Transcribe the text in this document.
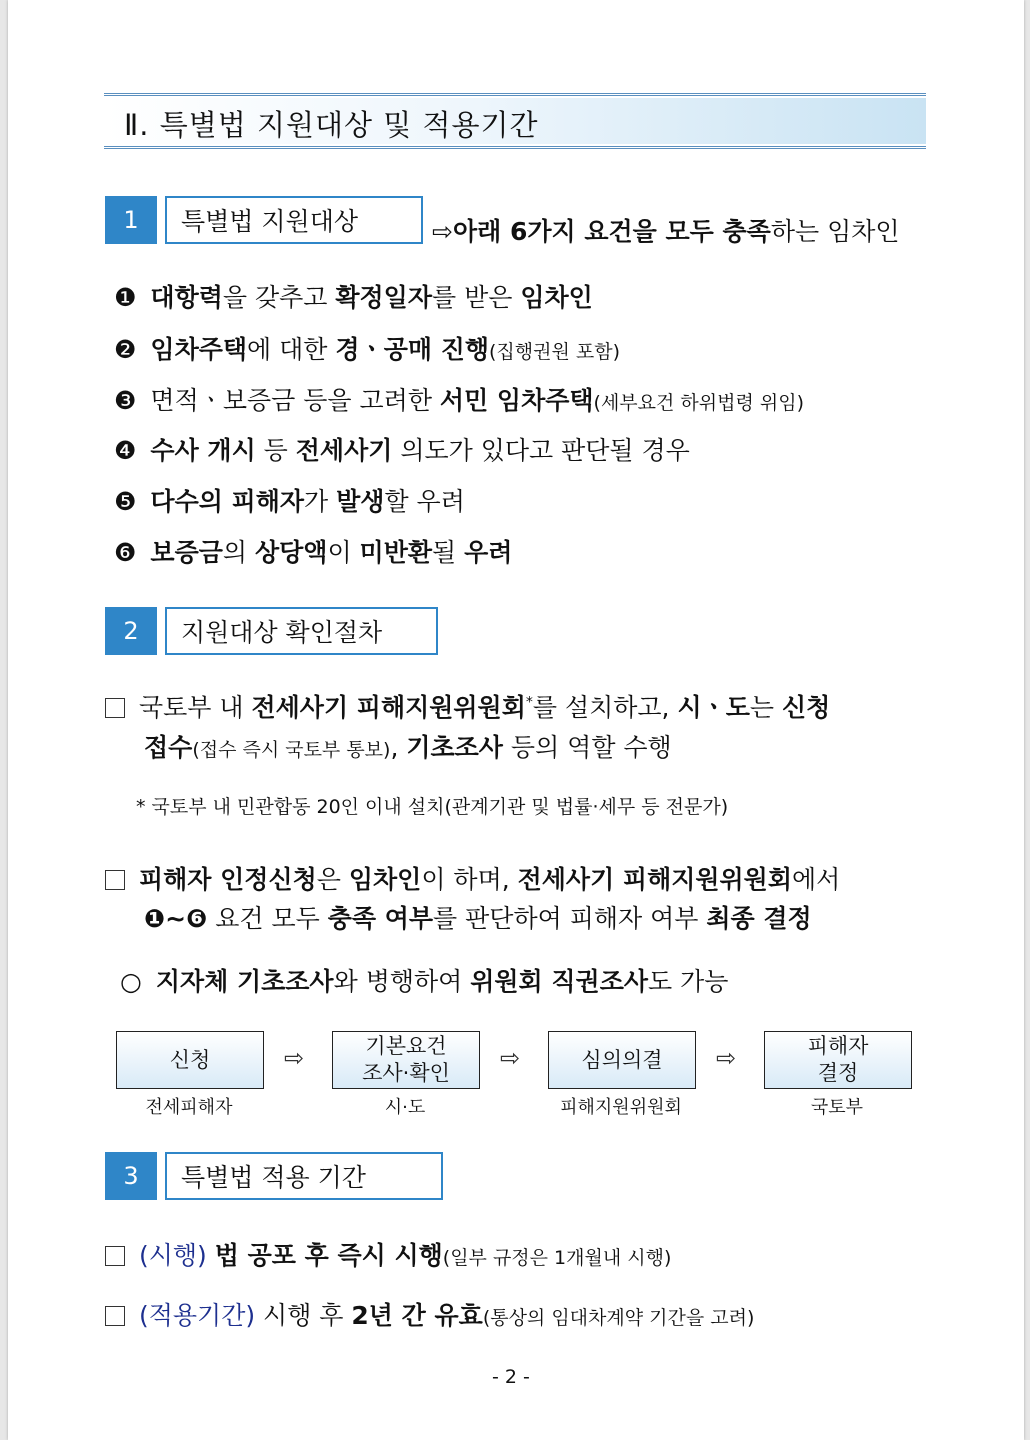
Ⅱ. 특별법 지원대상 및 적용기간
1	특별법 지원대상	⇨아래 6가지 요건을 모두 충족하는 임차인
❶ 대항력을 갖추고 확정일자를 받은 임차인
❷ 임차주택에 대한 경ㆍ공매 진행(집행권원 포함)
❸ 면적ㆍ보증금 등을 고려한 서민 임차주택(세부요건 하위법령 위임)
❹ 수사 개시 등 전세사기 의도가 있다고 판단될 경우
❺ 다수의 피해자가 발생할 우려
❻ 보증금의 상당액이 미반환될 우려
2	지원대상 확인절차
국토부 내 전세사기 피해지원위원회*를 설치하고, 시ㆍ도는 신청
접수(접수 즉시 국토부 통보), 기초조사 등의 역할 수행
* 국토부 내 민관합동 20인 이내 설치(관계기관 및 법률·세무 등 전문가)
피해자 인정신청은 임차인이 하며, 전세사기 피해지원위원회에서
❶~❻ 요건 모두 충족 여부를 판단하여 피해자 여부 최종 결정
○ 지자체 기초조사와 병행하여 위원회 직권조사도 가능
신청
전세피해자
⇨	기본요건
조사·확인
시·도
⇨	심의의결
피해지원위원회
⇨	피해자
결정
국토부
3	특별법 적용 기간
(시행) 법 공포 후 즉시 시행(일부 규정은 1개월내 시행)
(적용기간) 시행 후 2년 간 유효(통상의 임대차계약 기간을 고려)
- 2 -
